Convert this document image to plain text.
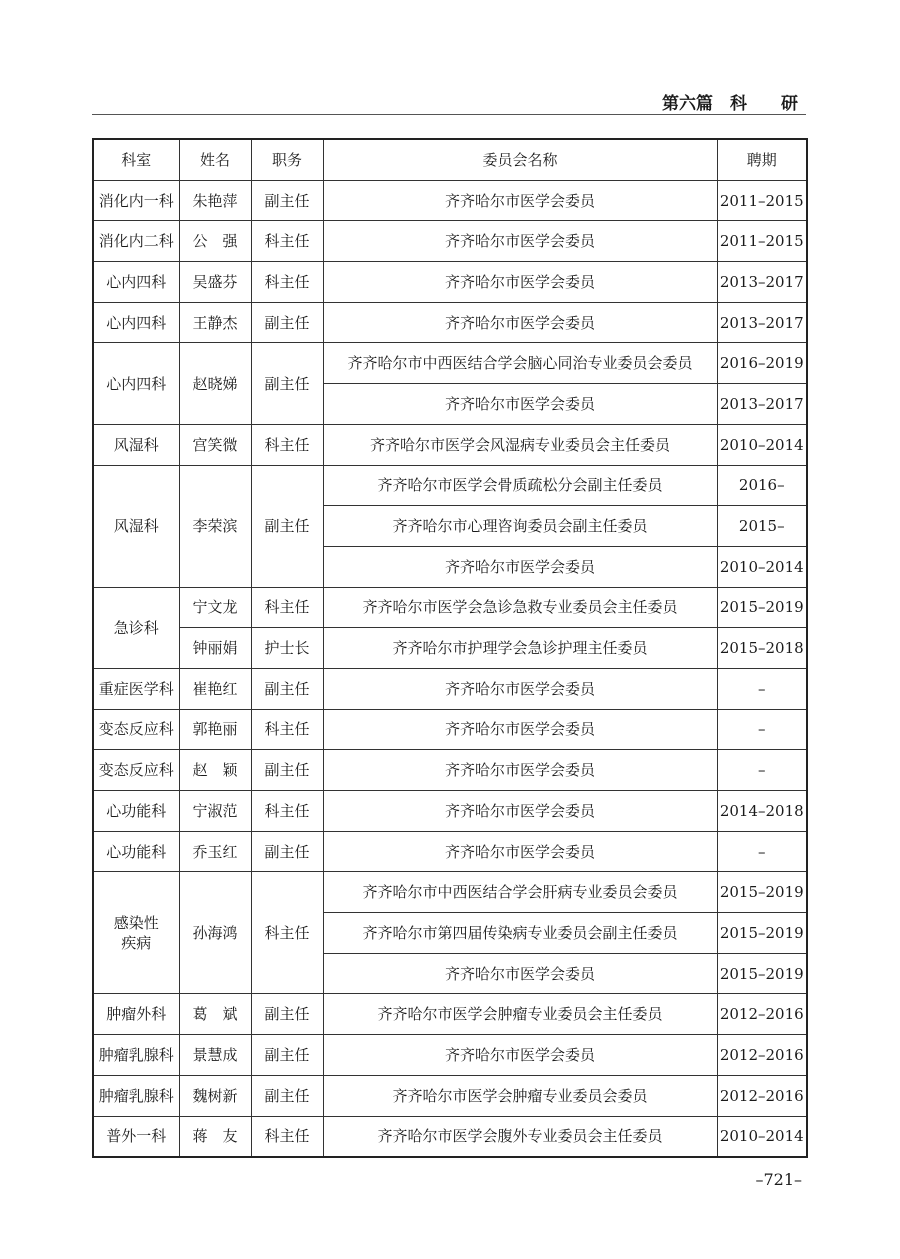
第六篇　科　　研
科室	姓名	职务	委员会名称	聘期
消化内一科	朱艳萍	副主任	齐齐哈尔市医学会委员	2011–2015
消化内二科	公　强	科主任	齐齐哈尔市医学会委员	2011–2015
心内四科	吴盛芬	科主任	齐齐哈尔市医学会委员	2013–2017
心内四科	王静杰	副主任	齐齐哈尔市医学会委员	2013–2017
心内四科	赵晓娣	副主任	齐齐哈尔市中西医结合学会脑心同治专业委员会委员	2016–2019
			齐齐哈尔市医学会委员	2013–2017
风湿科	宫笑微	科主任	齐齐哈尔市医学会风湿病专业委员会主任委员	2010–2014
风湿科	李荣滨	副主任	齐齐哈尔市医学会骨质疏松分会副主任委员	2016–
			齐齐哈尔市心理咨询委员会副主任委员	2015–
			齐齐哈尔市医学会委员	2010–2014
急诊科	宁文龙	科主任	齐齐哈尔市医学会急诊急救专业委员会主任委员	2015–2019
	钟丽娟	护士长	齐齐哈尔市护理学会急诊护理主任委员	2015–2018
重症医学科	崔艳红	副主任	齐齐哈尔市医学会委员	–
变态反应科	郭艳丽	科主任	齐齐哈尔市医学会委员	–
变态反应科	赵　颖	副主任	齐齐哈尔市医学会委员	–
心功能科	宁淑范	科主任	齐齐哈尔市医学会委员	2014–2018
心功能科	乔玉红	副主任	齐齐哈尔市医学会委员	–
感染性疾病	孙海鸿	科主任	齐齐哈尔市中西医结合学会肝病专业委员会委员	2015–2019
			齐齐哈尔市第四届传染病专业委员会副主任委员	2015–2019
			齐齐哈尔市医学会委员	2015–2019
肿瘤外科	葛　斌	副主任	齐齐哈尔市医学会肿瘤专业委员会主任委员	2012–2016
肿瘤乳腺科	景慧成	副主任	齐齐哈尔市医学会委员	2012–2016
肿瘤乳腺科	魏树新	副主任	齐齐哈尔市医学会肿瘤专业委员会委员	2012–2016
普外一科	蒋　友	科主任	齐齐哈尔市医学会腹外专业委员会主任委员	2010–2014
–721–
